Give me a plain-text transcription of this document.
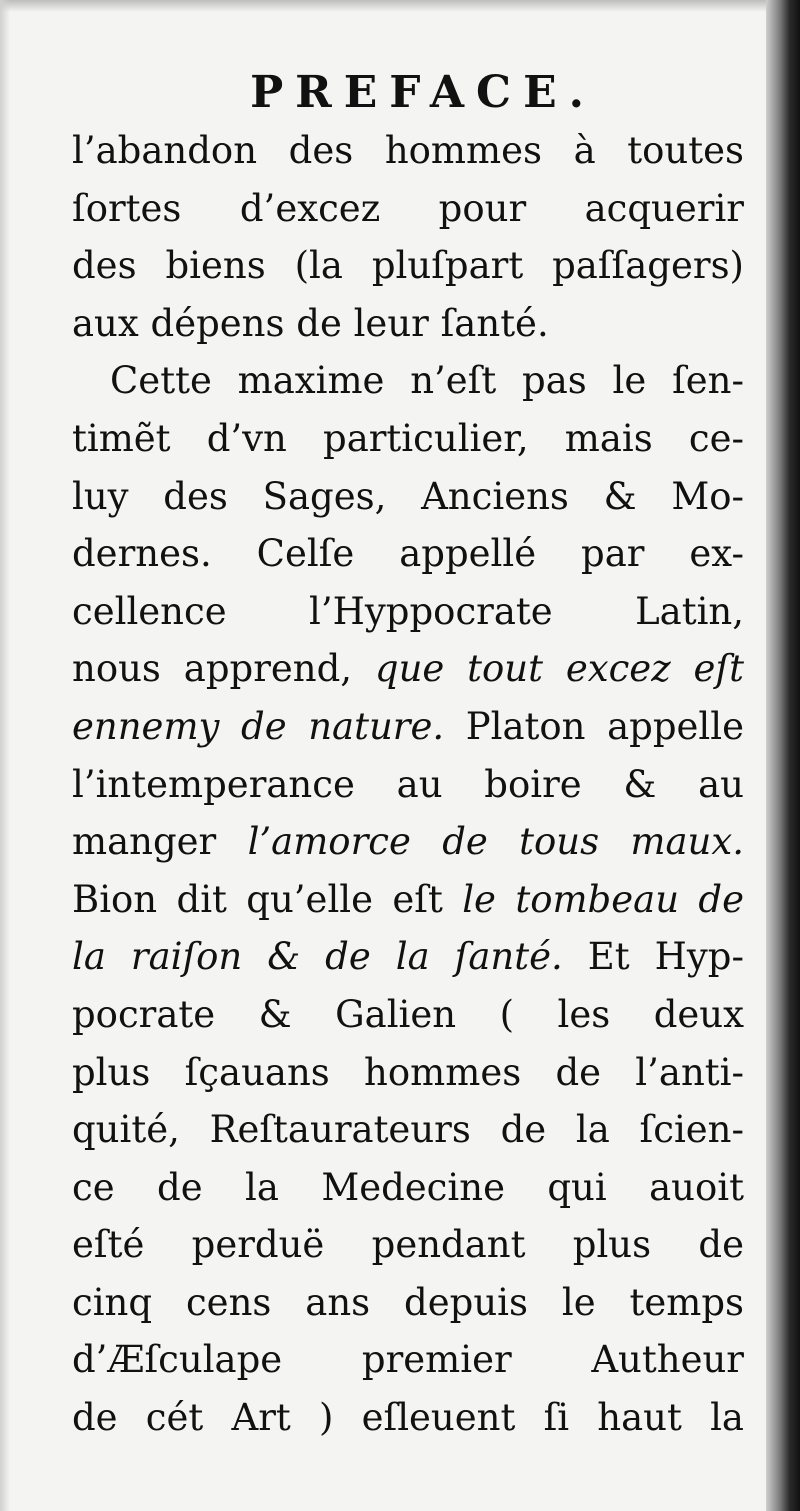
PREFACE.
l’abandon des hommes à toutes
ſortes d’excez pour acquerir
des biens (la pluſpart paſſagers)
aux dépens de leur ſanté.
Cette maxime n’eſt pas le ſen-
timẽt d’vn particulier, mais ce-
luy des Sages, Anciens & Mo-
dernes. Celſe appellé par ex-
cellence l’Hyppocrate Latin,
nous apprend, que tout excez eſt
ennemy de nature. Platon appelle
l’intemperance au boire & au
manger l’amorce de tous maux.
Bion dit qu’elle eſt le tombeau de
la raiſon & de la ſanté. Et Hyp-
pocrate & Galien ( les deux
plus ſçauans hommes de l’anti-
quité, Reſtaurateurs de la ſcien-
ce de la Medecine qui auoit
eſté perduë pendant plus de
cinq cens ans depuis le temps
d’Æſculape premier Autheur
de cét Art ) eſleuent ſi haut la
